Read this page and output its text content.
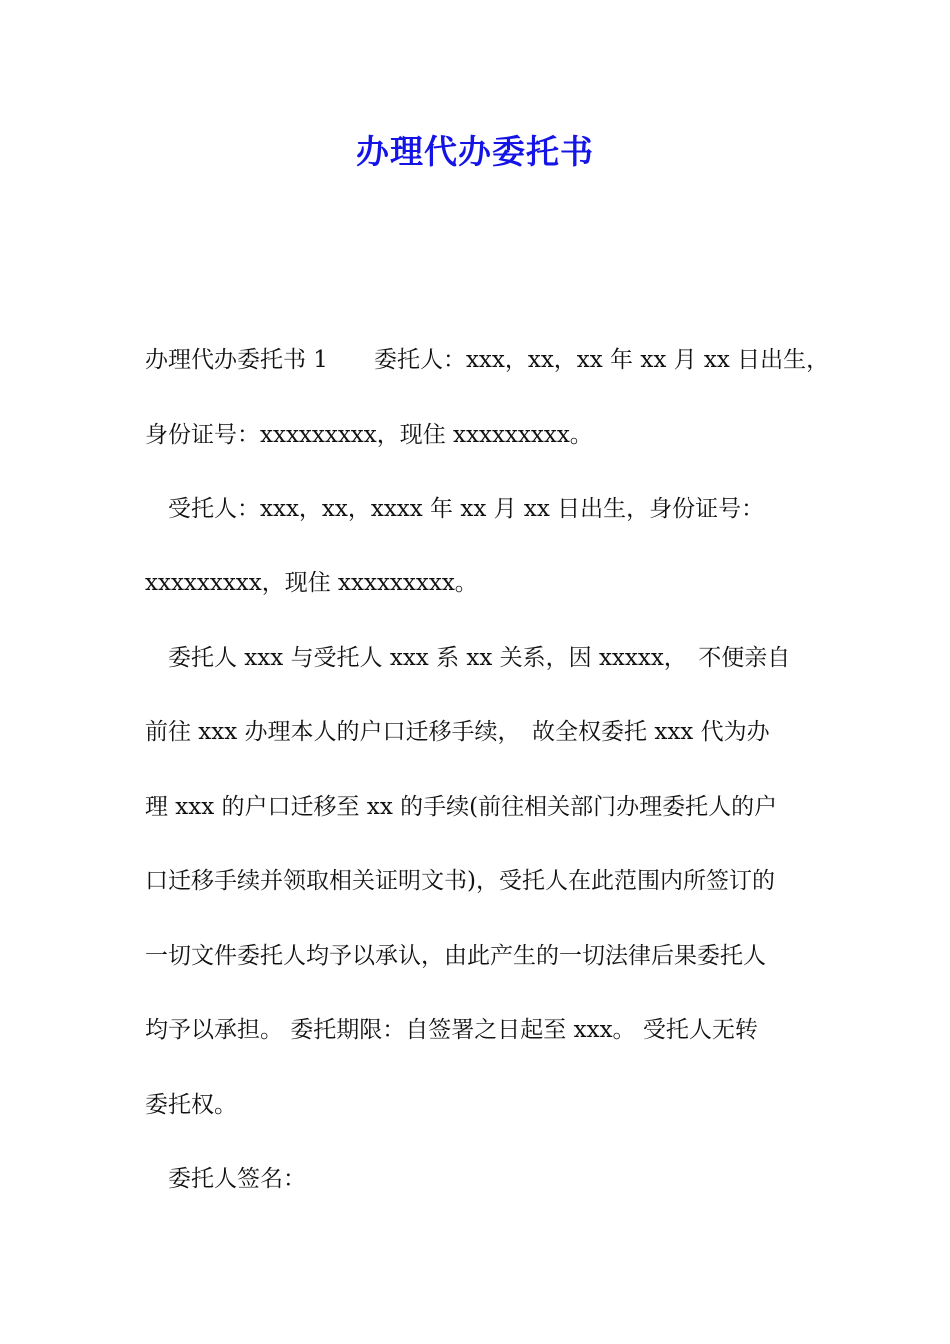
办理代办委托书
办理代办委托书 1　　委托人：xxx，xx，xx 年 xx 月 xx 日出生，
身份证号：xxxxxxxxx，现住 xxxxxxxxx。
　受托人：xxx，xx，xxxx 年 xx 月 xx 日出生，身份证号：
xxxxxxxxx，现住 xxxxxxxxx。
　委托人 xxx 与受托人 xxx 系 xx 关系，因 xxxxx，　不便亲自
前往 xxx 办理本人的户口迁移手续，　故全权委托 xxx 代为办
理 xxx 的户口迁移至 xx 的手续(前往相关部门办理委托人的户
口迁移手续并领取相关证明文书)，受托人在此范围内所签订的
一切文件委托人均予以承认，由此产生的一切法律后果委托人
均予以承担。 委托期限：自签署之日起至 xxx。 受托人无转
委托权。
　委托人签名：
